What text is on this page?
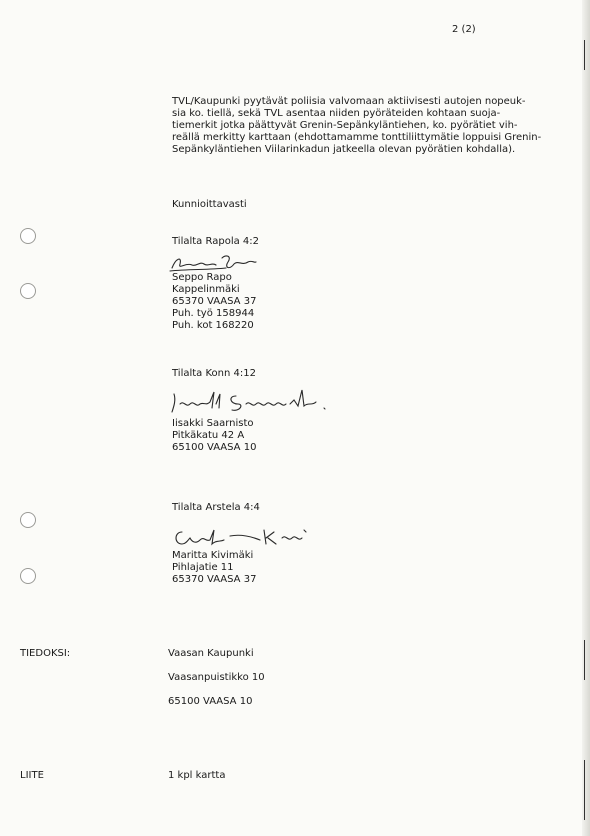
2 (2)
TVL/Kaupunki pyytävät poliisia valvomaan aktiivisesti autojen nopeuk-
sia ko. tiellä, sekä TVL asentaa niiden pyöräteiden kohtaan suoja-
tiemerkit jotka päättyvät Grenin-Sepänkyläntiehen, ko. pyörätiet vih-
reällä merkitty karttaan (ehdottamamme tonttiliittymätie loppuisi Grenin-
Sepänkyläntiehen Viilarinkadun jatkeella olevan pyörätien kohdalla).
Kunnioittavasti
Tilalta Rapola 4:2
Seppo Rapo
Kappelinmäki
65370 VAASA 37
Puh. työ 158944
Puh. kot 168220
Tilalta Konn 4:12
Iisakki Saarnisto
Pitkäkatu 42 A
65100 VAASA 10
Tilalta Arstela 4:4
Maritta Kivimäki
Pihlajatie 11
65370 VAASA 37
TIEDOKSI:	Vaasan Kaupunki
Vaasanpuistikko 10
65100 VAASA 10
LIITE	1 kpl kartta
